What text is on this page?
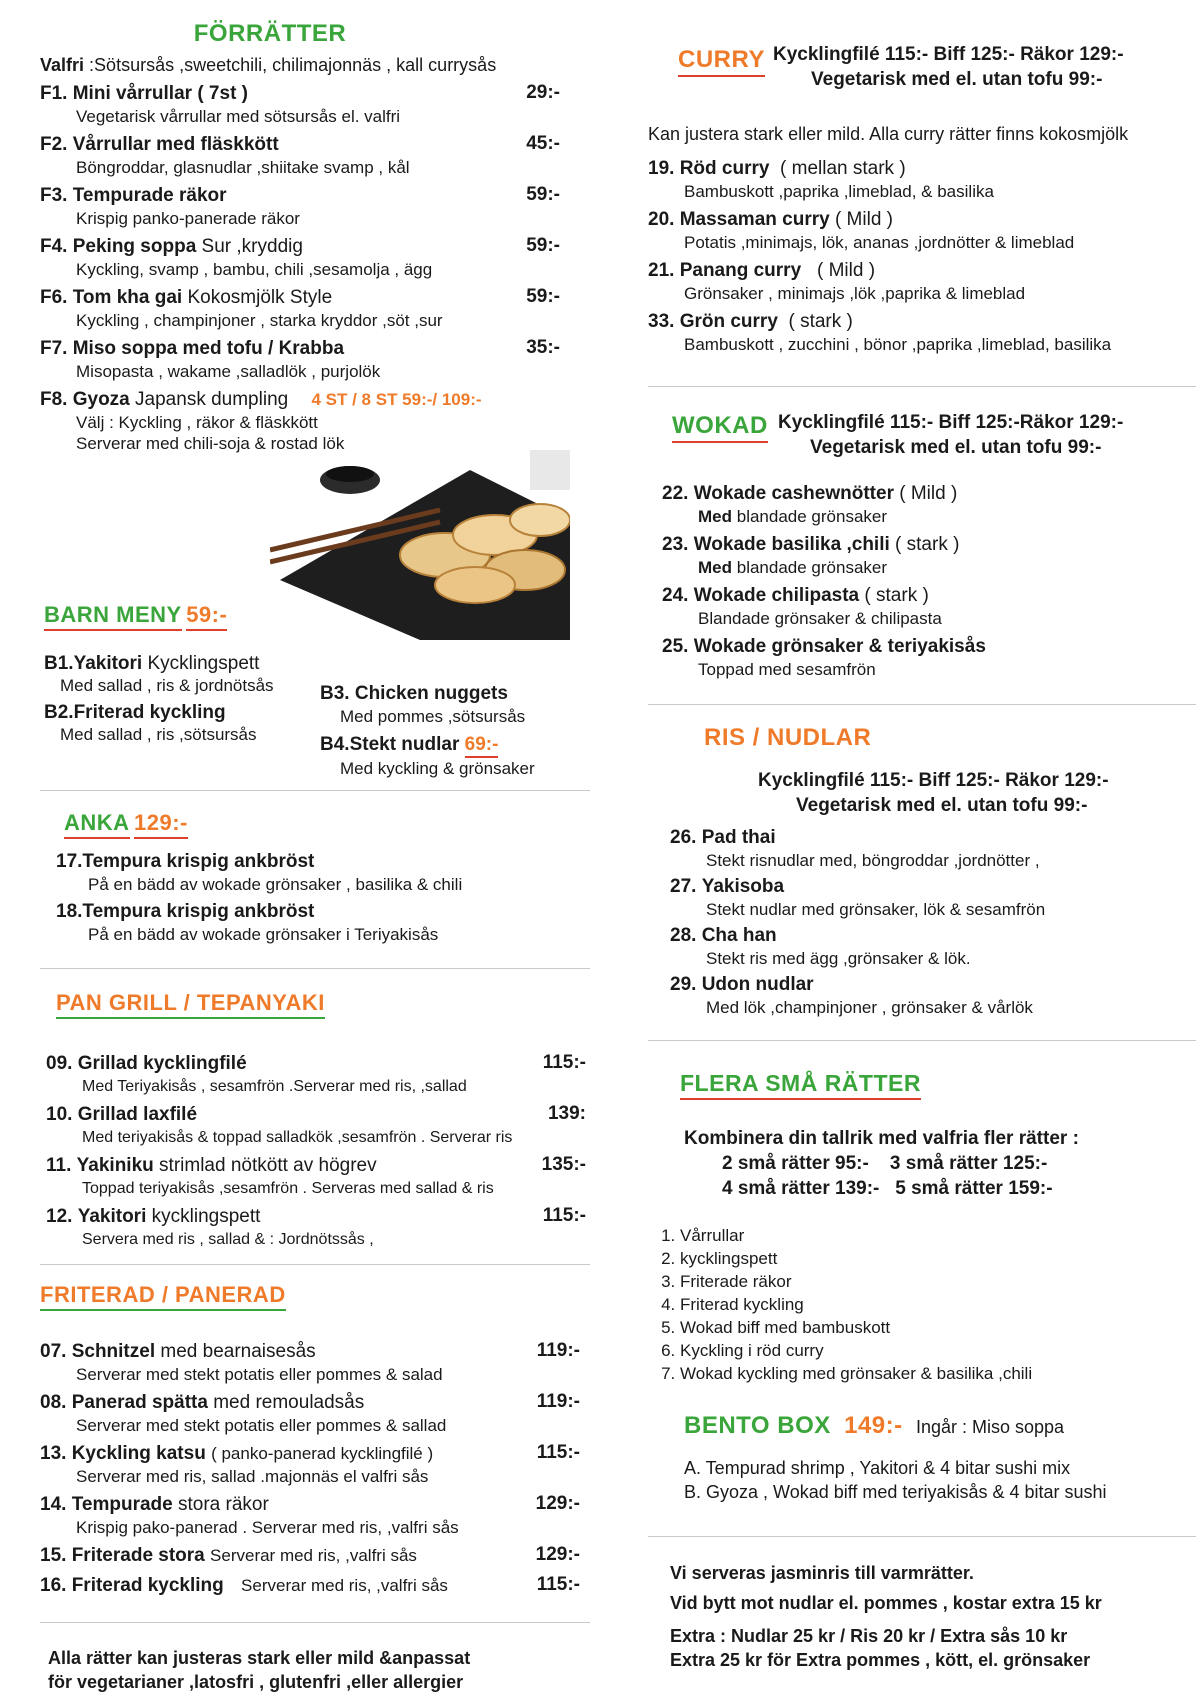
FÖRRÄTTER
Valfri :Sötsursås ,sweetchili, chilimajonnäs , kall currysås
F1. Mini vårrullar ( 7st )
Vegetarisk vårrullar med sötsursås el. valfri
29:-
F2. Vårrullar med fläskkött
Böngroddar, glasnudlar ,shiitake svamp , kål
45:-
F3. Tempurade räkor
Krispig panko-panerade räkor
59:-
F4. Peking soppa Sur ,kryddig
Kyckling, svamp , bambu, chili ,sesamolja , ägg
59:-
F6. Tom kha gai Kokosmjölk Style
Kyckling , champinjoner , starka kryddor ,söt ,sur
59:-
F7. Miso soppa med tofu / Krabba
Misopasta , wakame ,salladlök , purjolök
35:-
F8. Gyoza Japansk dumpling 4 ST / 8 ST 59:-/ 109:-
Välj : Kyckling , räkor & fläskkött
Serverar med chili-soja & rostad lök
BARN MENY 59:-
B1.Yakitori Kycklingspett
Med sallad , ris & jordnötsås
B2.Friterad kyckling
Med sallad , ris ,sötsursås
B3. Chicken nuggets
Med pommes ,sötsursås
B4.Stekt nudlar 69:-
Med kyckling & grönsaker
ANKA 129:-
17.Tempura krispig ankbröst
På en bädd av wokade grönsaker , basilika & chili
18.Tempura krispig ankbröst
På en bädd av wokade grönsaker i Teriyakisås
PAN GRILL / TEPANYAKI
09. Grillad kycklingfilé
Med Teriyakisås , sesamfrön .Serverar med ris, ,sallad
115:-
10. Grillad laxfilé
Med teriyakisås & toppad salladkök ,sesamfrön . Serverar ris
139:
11. Yakiniku strimlad nötkött av högrev
Toppad teriyakisås ,sesamfrön . Serveras med sallad & ris
135:-
12. Yakitori kycklingspett
Servera med ris , sallad & : Jordnötssås ,
115:-
FRITERAD / PANERAD
07. Schnitzel med bearnaisesås
Serverar med stekt potatis eller pommes & salad
119:-
08. Panerad spätta med remouladsås
Serverar med stekt potatis eller pommes & sallad
119:-
13. Kyckling katsu ( panko-panerad kycklingfilé )
Serverar med ris, sallad .majonnäs el valfri sås
115:-
14. Tempurade stora räkor
Krispig pako-panerad . Serverar med ris, ,valfri sås
129:-
15. Friterade stora Serverar med ris, ,valfri sås	129:-
16. Friterad kyckling Serverar med ris, ,valfri sås	115:-
Alla rätter kan justeras stark eller mild &anpassat
för vegetarianer ,latosfri , glutenfri ,eller allergier
CURRY Kycklingfilé 115:- Biff 125:- Räkor 129:-
Vegetarisk med el. utan tofu 99:-
Kan justera stark eller mild. Alla curry rätter finns kokosmjölk
19. Röd curry ( mellan stark )
Bambuskott ,paprika ,limeblad, & basilika
20. Massaman curry ( Mild )
Potatis ,minimajs, lök, ananas ,jordnötter & limeblad
21. Panang curry ( Mild )
Grönsaker , minimajs ,lök ,paprika & limeblad
33. Grön curry ( stark )
Bambuskott , zucchini , bönor ,paprika ,limeblad, basilika
WOKAD Kycklingfilé 115:- Biff 125:-Räkor 129:-
Vegetarisk med el. utan tofu 99:-
22. Wokade cashewnötter ( Mild )
Med blandade grönsaker
23. Wokade basilika ,chili ( stark )
Med blandade grönsaker
24. Wokade chilipasta ( stark )
Blandade grönsaker & chilipasta
25. Wokade grönsaker & teriyakisås
Toppad med sesamfrön
RIS / NUDLAR
Kycklingfilé 115:- Biff 125:- Räkor 129:-
Vegetarisk med el. utan tofu 99:-
26. Pad thai
Stekt risnudlar med, böngroddar ,jordnötter ,
27. Yakisoba
Stekt nudlar med grönsaker, lök & sesamfrön
28. Cha han
Stekt ris med ägg ,grönsaker & lök.
29. Udon nudlar
Med lök ,champinjoner , grönsaker & vårlök
FLERA SMÅ RÄTTER
Kombinera din tallrik med valfria fler rätter :
2 små rätter 95:- 3 små rätter 125:-
4 små rätter 139:- 5 små rätter 159:-
1. Vårrullar
2. kycklingspett
3. Friterade räkor
4. Friterad kyckling
5. Wokad biff med bambuskott
6. Kyckling i röd curry
7. Wokad kyckling med grönsaker & basilika ,chili
BENTO BOX 149:- Ingår : Miso soppa
A. Tempurad shrimp , Yakitori & 4 bitar sushi mix
B. Gyoza , Wokad biff med teriyakisås & 4 bitar sushi
Vi serveras jasminris till varmrätter.
Vid bytt mot nudlar el. pommes , kostar extra 15 kr
Extra : Nudlar 25 kr / Ris 20 kr / Extra sås 10 kr
Extra 25 kr för Extra pommes , kött, el. grönsaker
